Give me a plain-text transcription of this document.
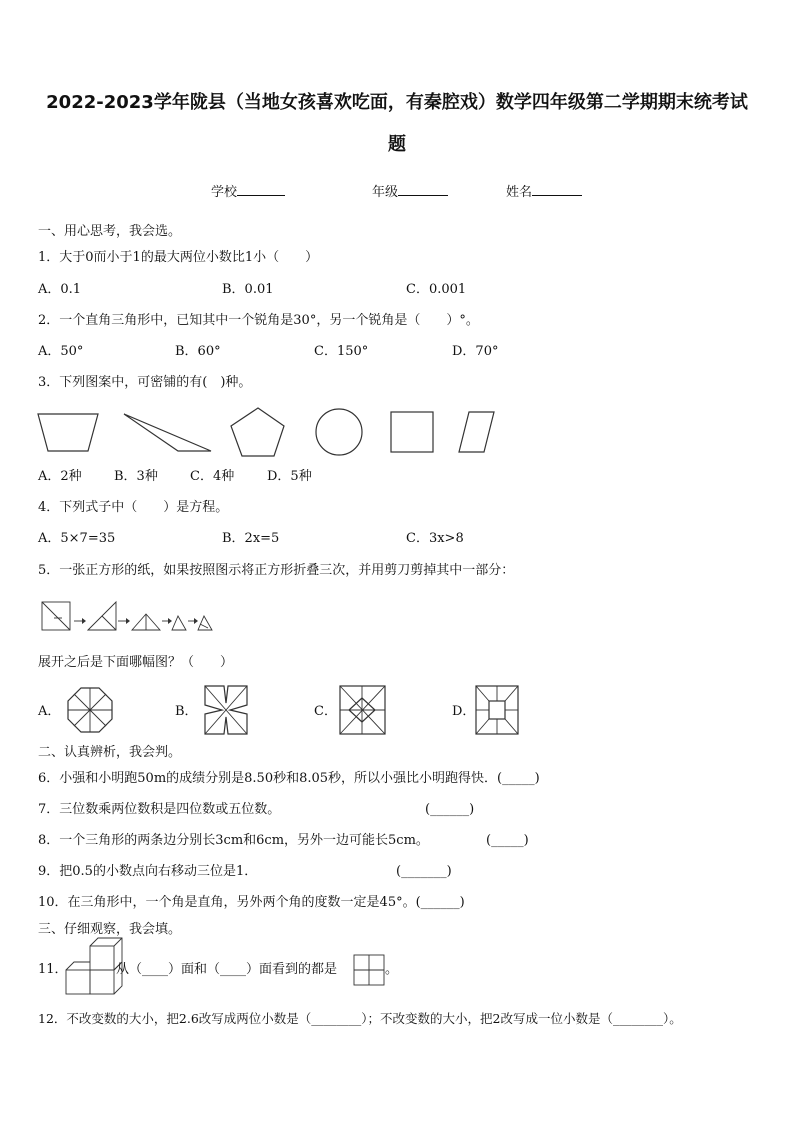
2022-2023学年陇县（当地女孩喜欢吃面，有秦腔戏）数学四年级第二学期期末统考试
题
学校	年级	姓名
一、用心思考，我会选。
1．大于0而小于1的最大两位小数比1小（　　）
A．0.1	B．0.01	C．0.001
2．一个直角三角形中，已知其中一个锐角是30°，另一个锐角是（　　）°。
A．50°	B．60°	C．150°	D．70°
3．下列图案中，可密铺的有(　)种。
A．2种 B．3种 C．4种	D．5种
4．下列式子中（　　）是方程。
A．5×7=35	B．2x=5	C．3x>8
5．一张正方形的纸，如果按照图示将正方形折叠三次，并用剪刀剪掉其中一部分：
展开之后是下面哪幅图？（　　）
A．	B．	C．	D．
二、认真辨析，我会判。
6．小强和小明跑50m的成绩分别是8.50秒和8.05秒，所以小强比小明跑得快．(_____)
7．三位数乘两位数积是四位数或五位数。	(______)
8．一个三角形的两条边分别长3cm和6cm，另外一边可能长5cm。	(_____)
9．把0.5的小数点向右移动三位是1．	(_______)
10．在三角形中，一个角是直角，另外两个角的度数一定是45°。(______)
三、仔细观察，我会填。
11．	从（____）面和（____）面看到的都是	。
12．不改变数的大小，把2.6改写成两位小数是（________）；不改变数的大小，把2改写成一位小数是（________）。
